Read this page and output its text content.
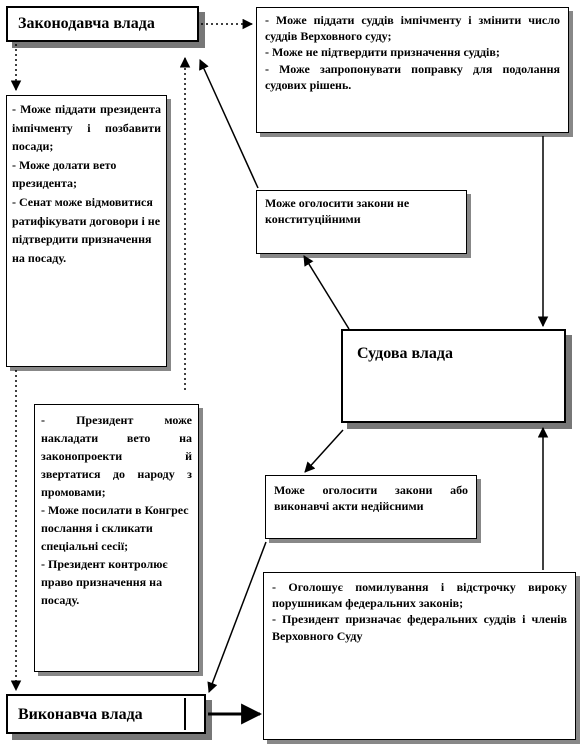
Законодавча влада
Судова влада
Виконавча влада
- Може піддати суддів імпічменту і змінити число суддів Верховного суду;
- Може не підтвердити призначення суддів;
- Може запропонувати поправку для подолання судових рішень.
- Може піддати президента імпічменту і позбавити посади;
- Може долати вето президента;
- Сенат може відмовитися ратифікувати договори і не підтвердити призначення на посаду.
Може оголосити закони не конституційними
- Президент може накладати вето на законопроекти й звертатися до народу з промовами;
- Може посилати в Конгрес послання і скликати спеціальні сесії;
- Президент контролює право призначення на посаду.
Може оголосити закони або виконавчі акти недійсними
- Оголошує помилування і відстрочку вироку порушникам федеральних законів;
- Президент призначає федеральних суддів і членів Верховного Суду
